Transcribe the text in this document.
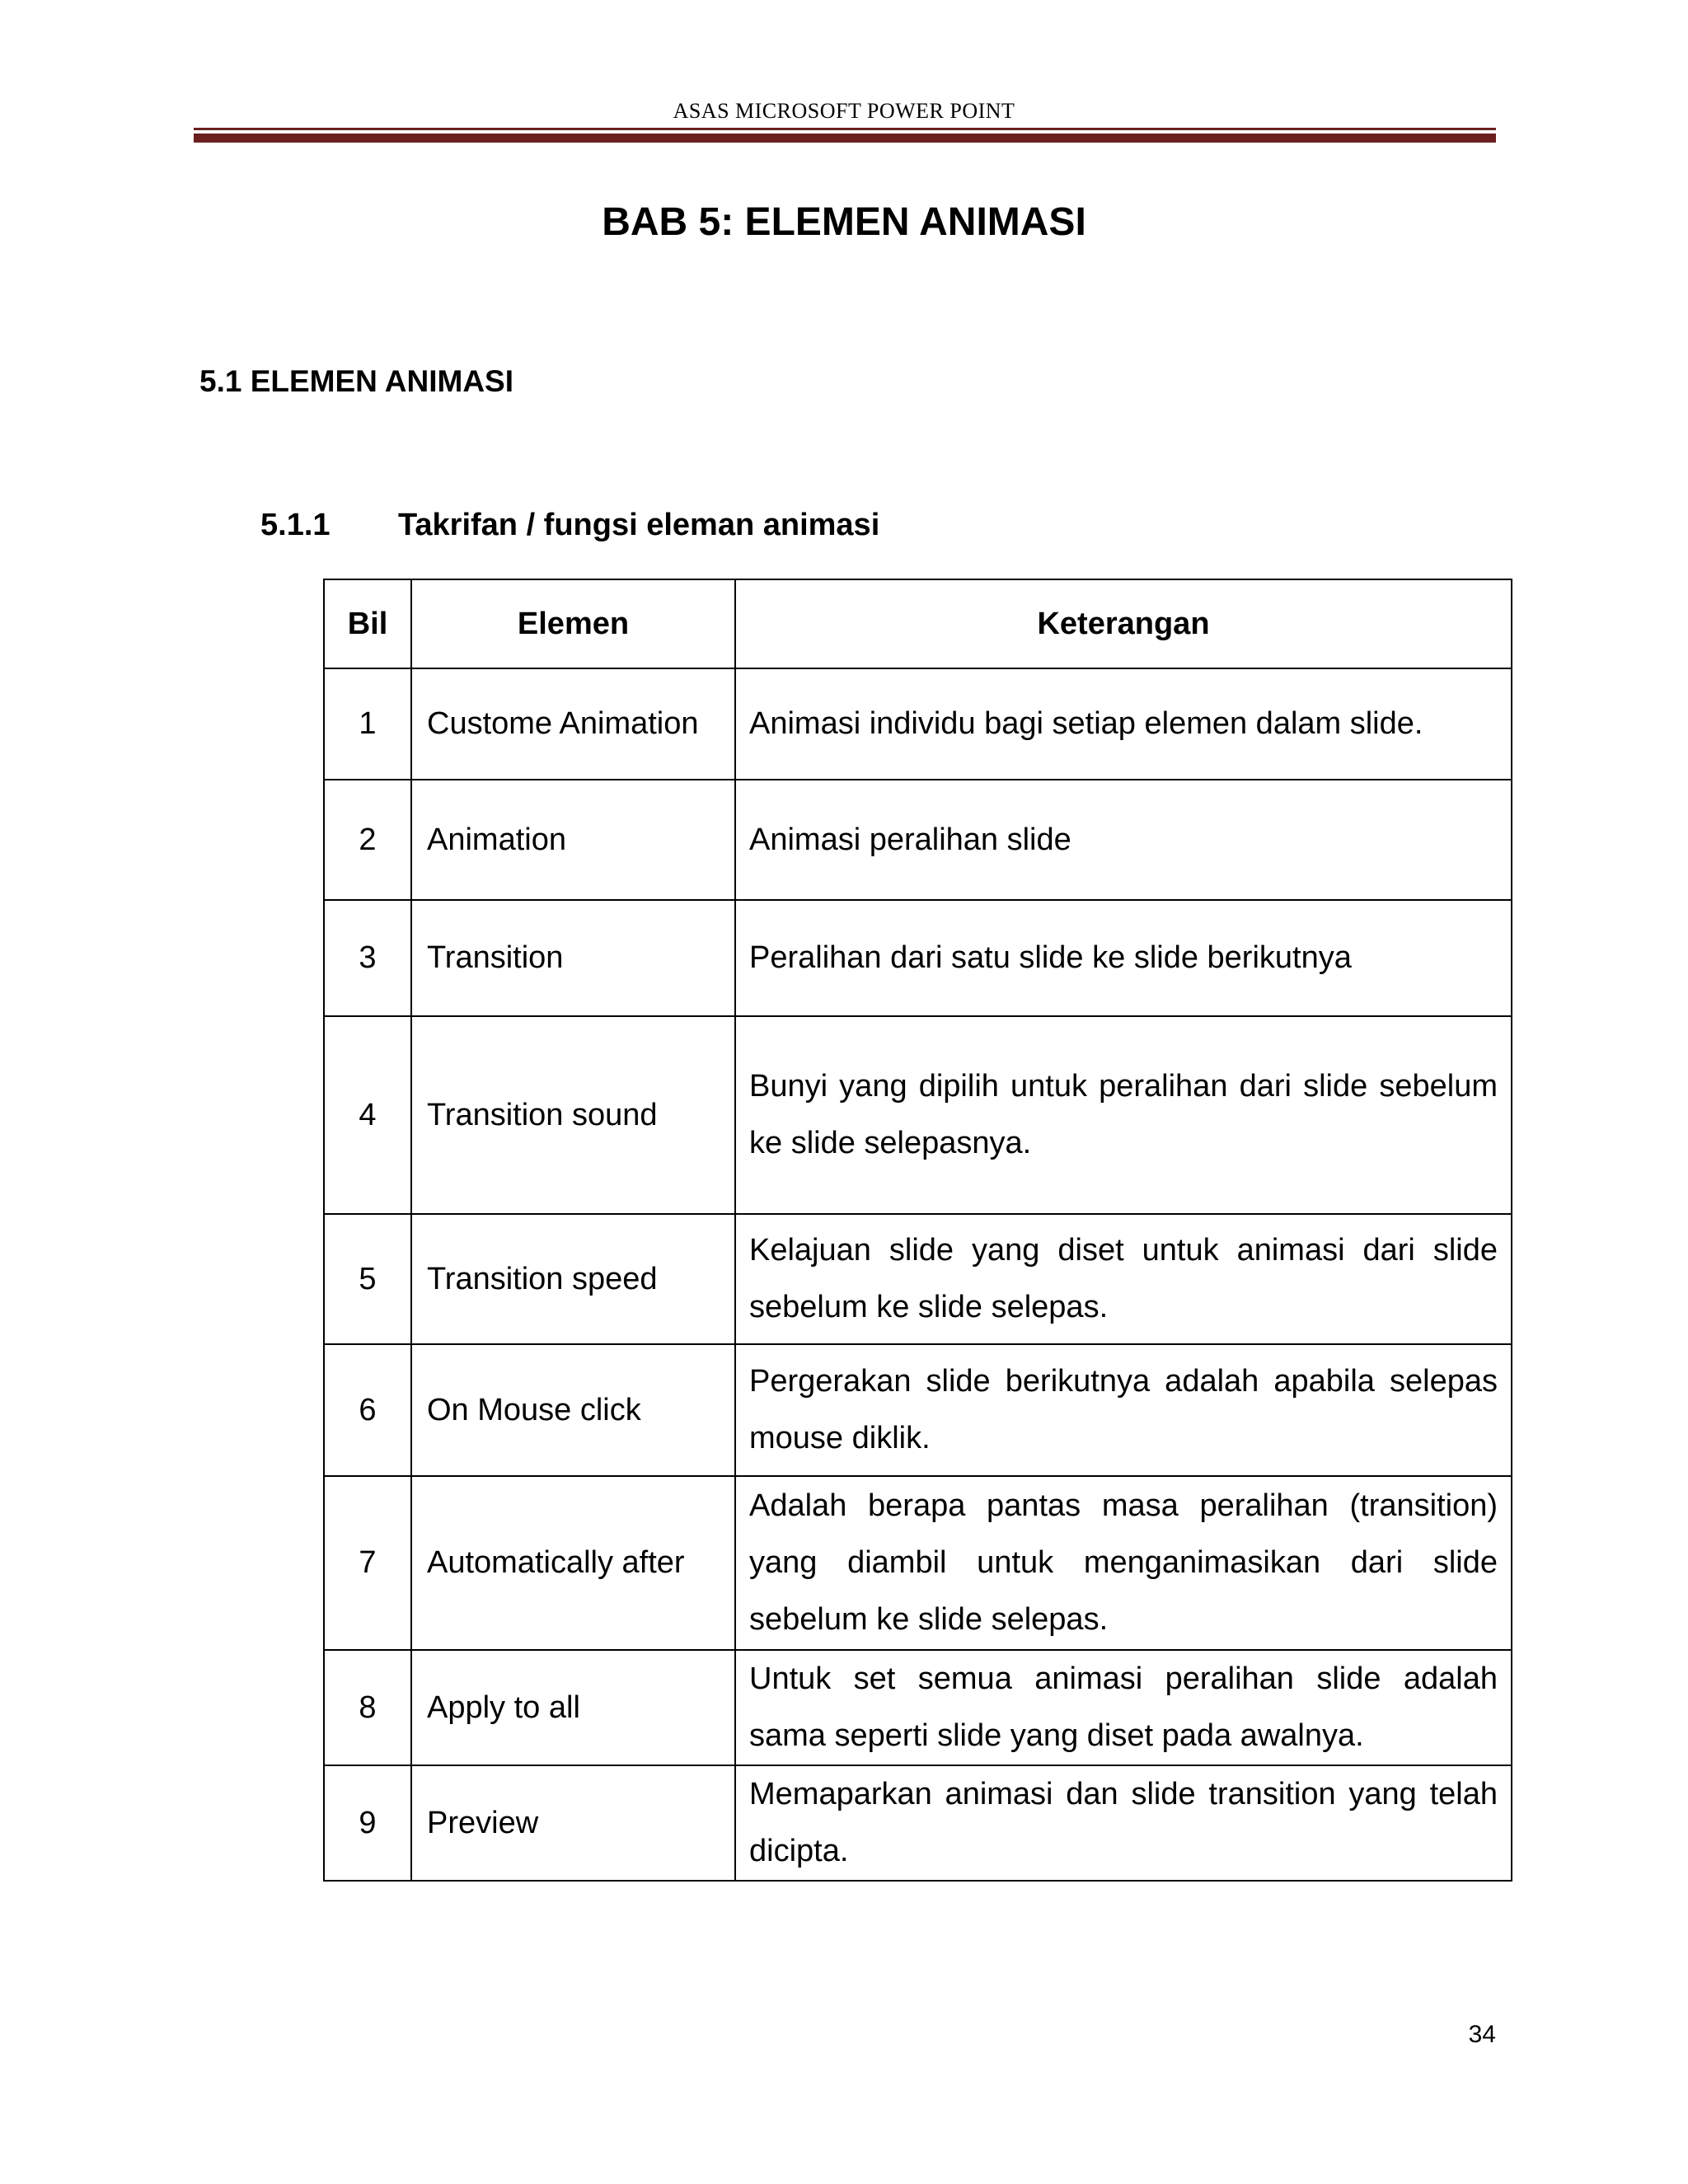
ASAS MICROSOFT POWER POINT
BAB 5: ELEMEN ANIMASI
5.1 ELEMEN ANIMASI
5.1.1 Takrifan / fungsi eleman animasi
Bil	Elemen	Keterangan
1	Custome Animation	Animasi individu bagi setiap elemen dalam slide.
2	Animation	Animasi peralihan slide
3	Transition	Peralihan dari satu slide ke slide berikutnya
4	Transition sound	Bunyi yang dipilih untuk peralihan dari slide sebelum ke slide selepasnya.
5	Transition speed	Kelajuan slide yang diset untuk animasi dari slide sebelum ke slide selepas.
6	On Mouse click	Pergerakan slide berikutnya adalah apabila selepas mouse diklik.
7	Automatically after	Adalah berapa pantas masa peralihan (transition) yang diambil untuk menganimasikan dari slide sebelum ke slide selepas.
8	Apply to all	Untuk set semua animasi peralihan slide adalah sama seperti slide yang diset pada awalnya.
9	Preview	Memaparkan animasi dan slide transition yang telah dicipta.
34
